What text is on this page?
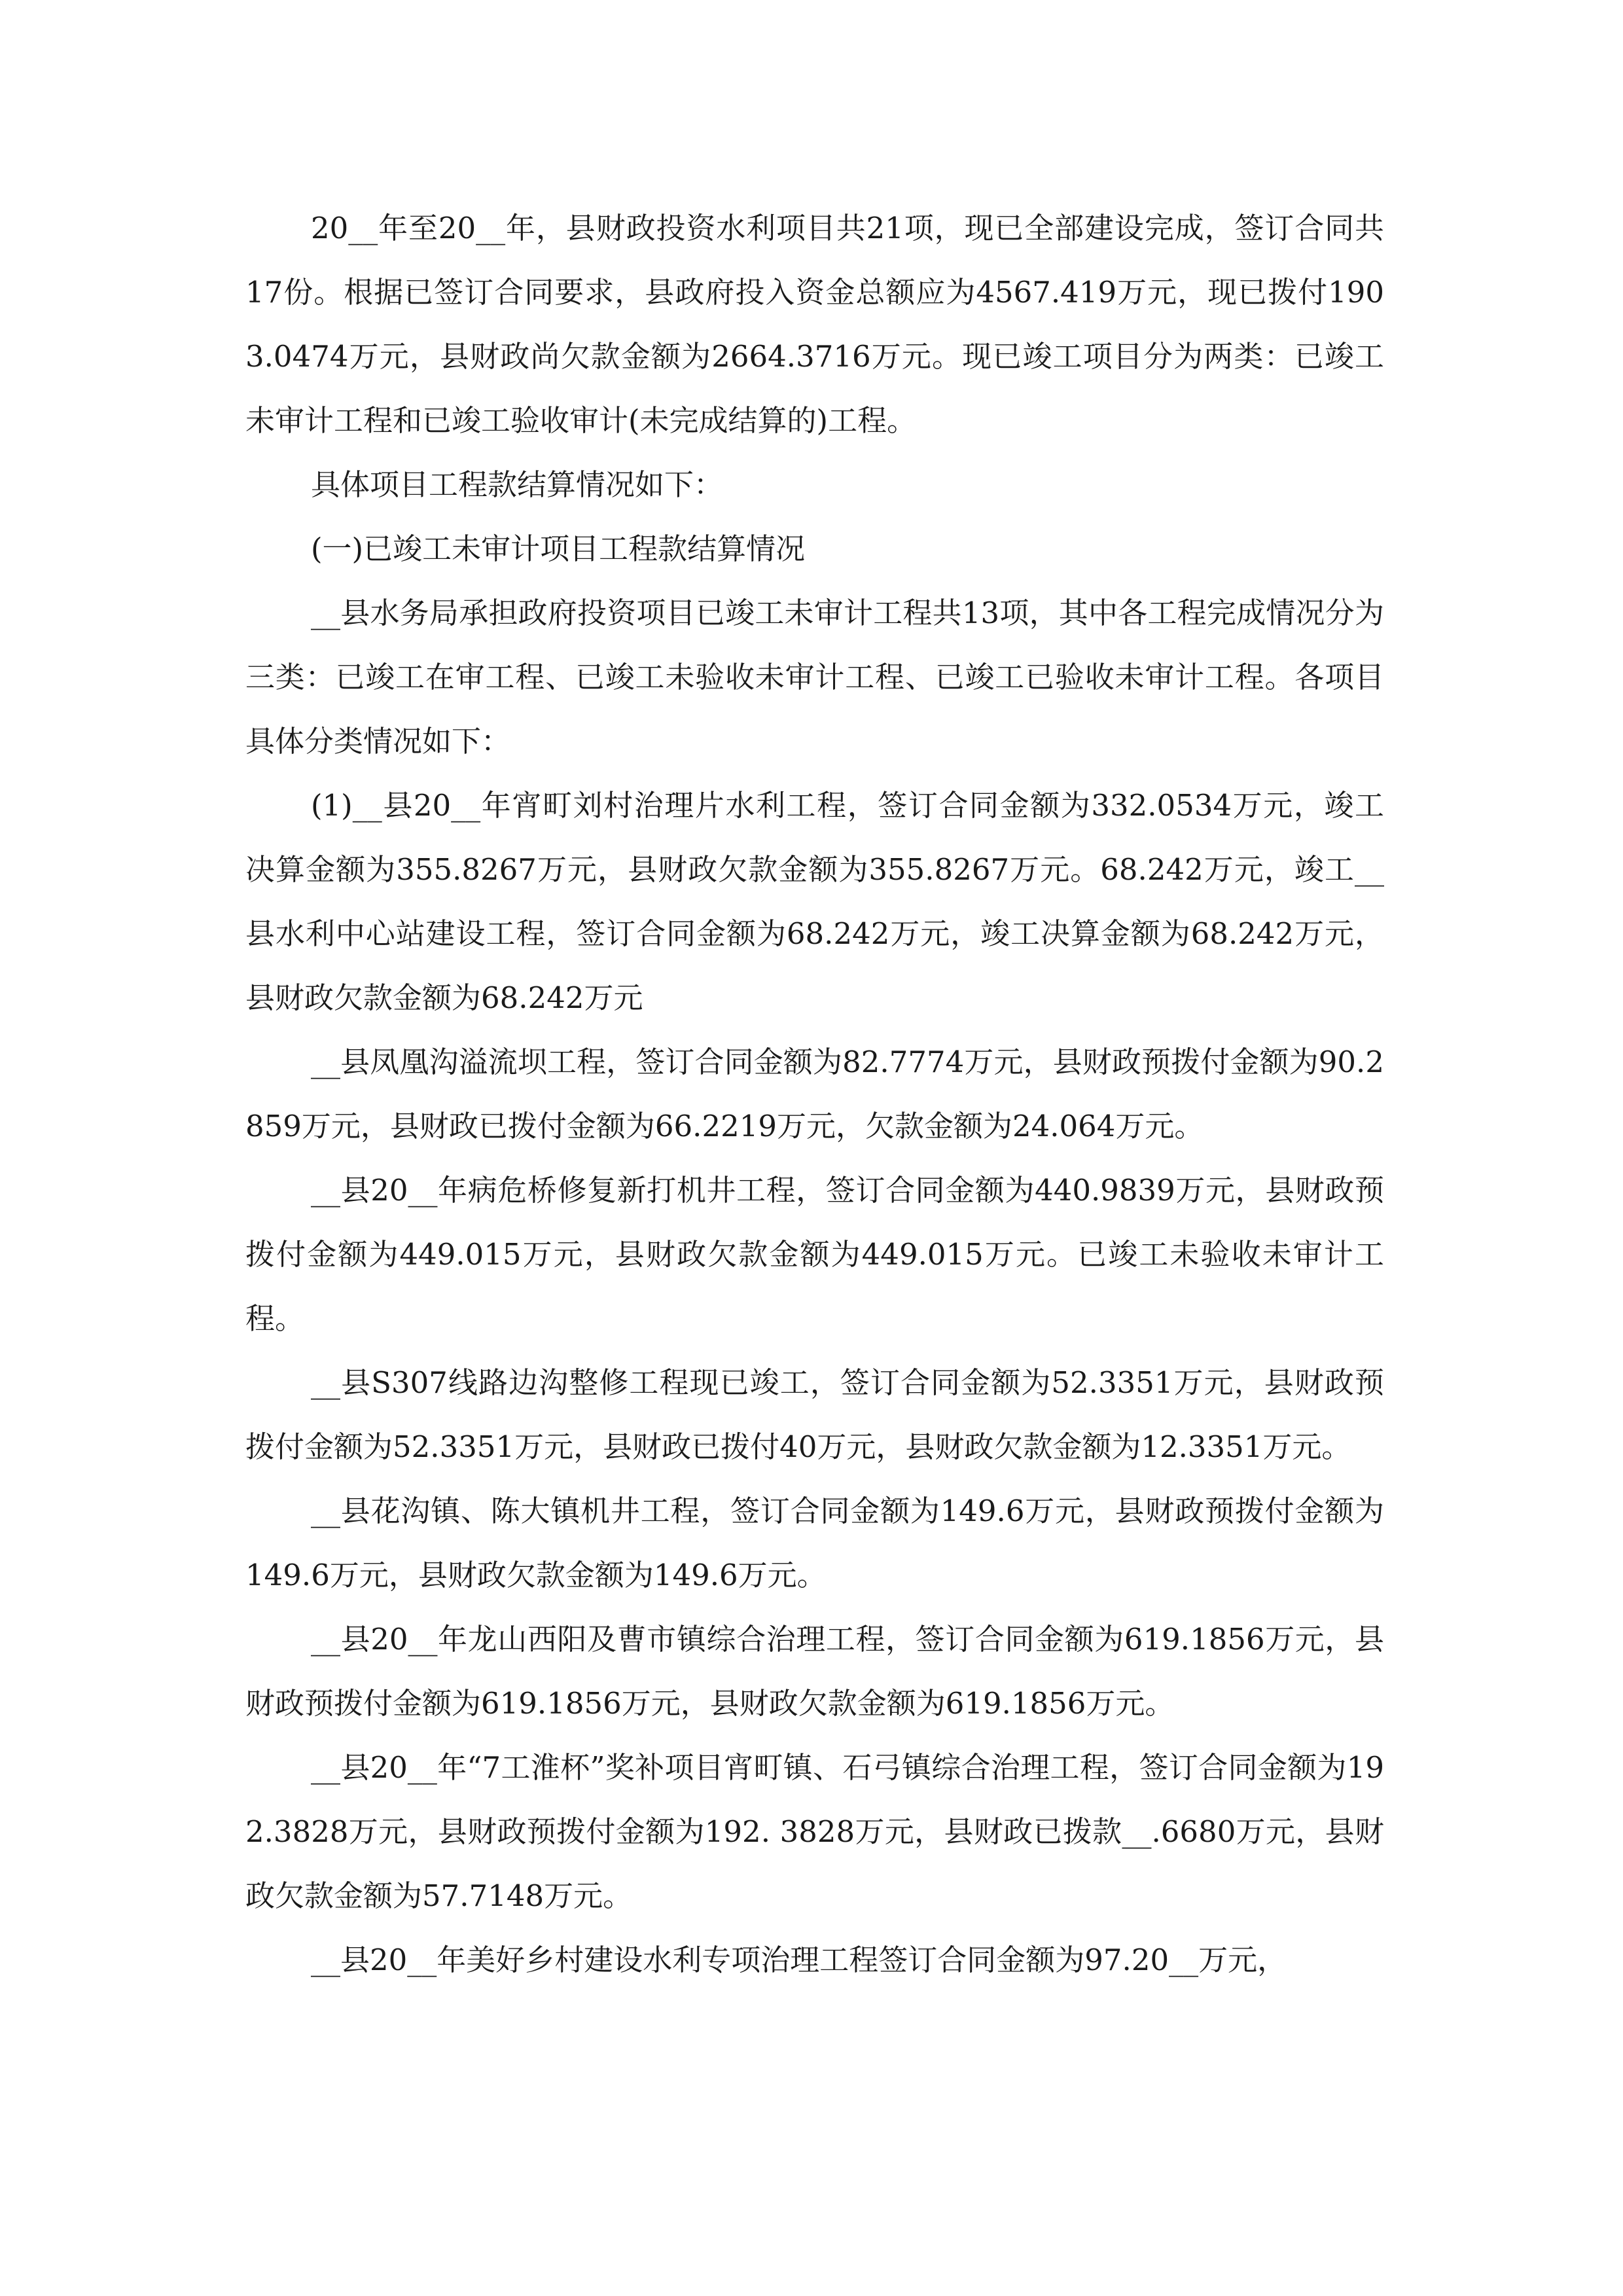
20__年至20__年，县财政投资水利项目共21项，现已全部建设完成，签订合同共17份。根据已签订合同要求，县政府投入资金总额应为4567.419万元，现已拨付1903.0474万元，县财政尚欠款金额为2664.3716万元。现已竣工项目分为两类：已竣工未审计工程和已竣工验收审计(未完成结算的)工程。

具体项目工程款结算情况如下：

(一)已竣工未审计项目工程款结算情况

__县水务局承担政府投资项目已竣工未审计工程共13项，其中各工程完成情况分为三类：已竣工在审工程、已竣工未验收未审计工程、已竣工已验收未审计工程。各项目具体分类情况如下：

(1)__县20__年宵町刘村治理片水利工程，签订合同金额为332.0534万元，竣工决算金额为355.8267万元，县财政欠款金额为355.8267万元。68.242万元，竣工__县水利中心站建设工程，签订合同金额为68.242万元，竣工决算金额为68.242万元，县财政欠款金额为68.242万元

__县凤凰沟溢流坝工程，签订合同金额为82.7774万元，县财政预拨付金额为90.2859万元，县财政已拨付金额为66.2219万元，欠款金额为24.064万元。

__县20__年病危桥修复新打机井工程，签订合同金额为440.9839万元，县财政预拨付金额为449.015万元，县财政欠款金额为449.015万元。已竣工未验收未审计工程。

__县S307线路边沟整修工程现已竣工，签订合同金额为52.3351万元，县财政预拨付金额为52.3351万元，县财政已拨付40万元，县财政欠款金额为12.3351万元。

__县花沟镇、陈大镇机井工程，签订合同金额为149.6万元，县财政预拨付金额为149.6万元，县财政欠款金额为149.6万元。

__县20__年龙山西阳及曹市镇综合治理工程，签订合同金额为619.1856万元，县财政预拨付金额为619.1856万元，县财政欠款金额为619.1856万元。

__县20__年“7工淮杯”奖补项目宵町镇、石弓镇综合治理工程，签订合同金额为192.3828万元，县财政预拨付金额为192. 3828万元，县财政已拨款__.6680万元，县财政欠款金额为57.7148万元。

__县20__年美好乡村建设水利专项治理工程签订合同金额为97.20__万元，
